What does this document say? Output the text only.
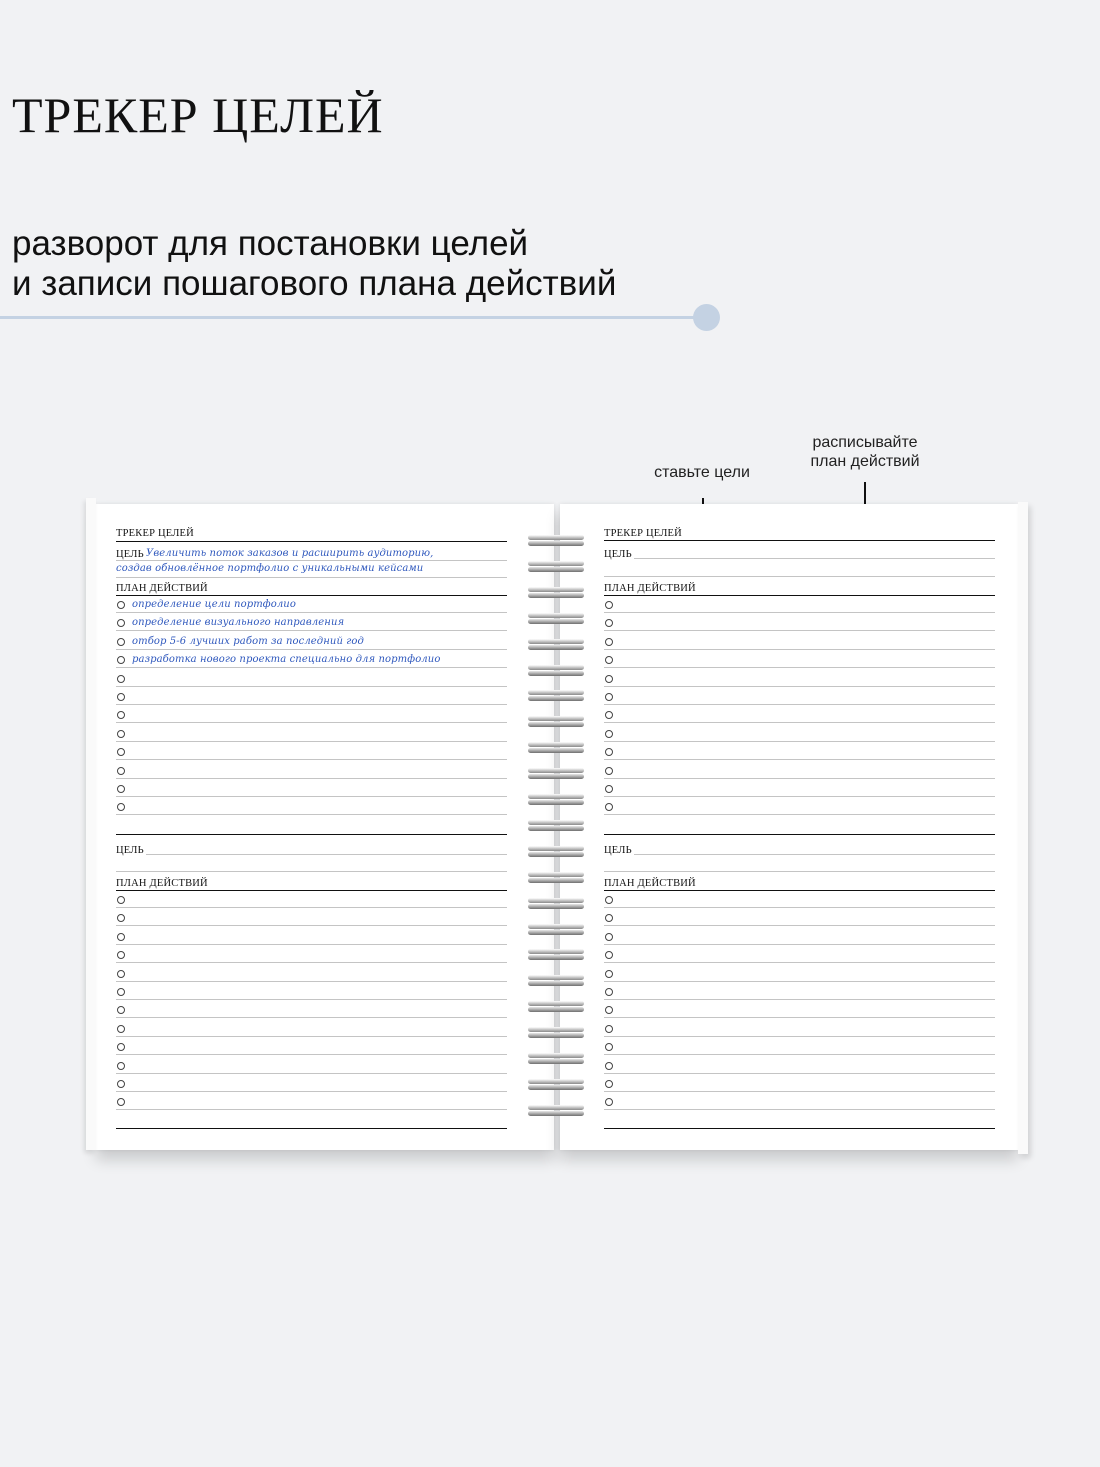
ТРЕКЕР ЦЕЛЕЙ
разворот для постановки целей
и записи пошагового плана действий
ставьте цели
расписывайте
план действий
ТРЕКЕР ЦЕЛЕЙ
ЦЕЛЬ Увеличить поток заказов и расширить аудиторию,
создав обновлённое портфолио с уникальными кейсами
ПЛАН ДЕЙСТВИЙ
определение цели портфолио
определение визуального направления
отбор 5-6 лучших работ за последний год
разработка нового проекта специально для портфолио
ЦЕЛЬ
ПЛАН ДЕЙСТВИЙ
ТРЕКЕР ЦЕЛЕЙ
ЦЕЛЬ
ПЛАН ДЕЙСТВИЙ
ЦЕЛЬ
ПЛАН ДЕЙСТВИЙ
